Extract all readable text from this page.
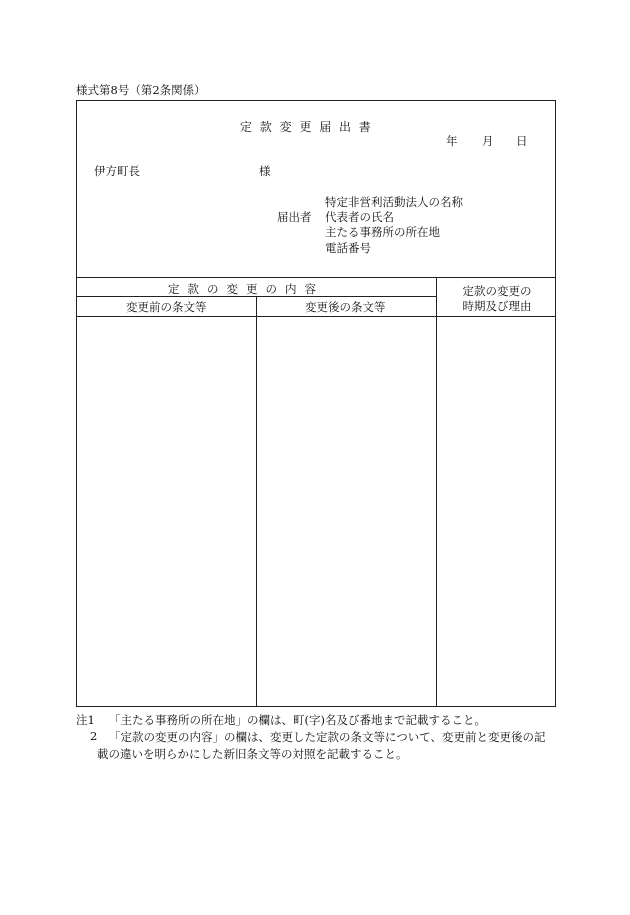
様式第8号（第2条関係）
定款変更届出書
年 月 日
伊方町長	様
届出者
特定非営利活動法人の名称
代表者の氏名
主たる事務所の所在地
電話番号
定款の変更の内容
変更前の条文等	変更後の条文等
定款の変更の
時期及び理由
注1 「主たる事務所の所在地」の欄は、町(字)名及び番地まで記載すること。
2 「定款の変更の内容」の欄は、変更した定款の条文等について、変更前と変更後の記
載の違いを明らかにした新旧条文等の対照を記載すること。
